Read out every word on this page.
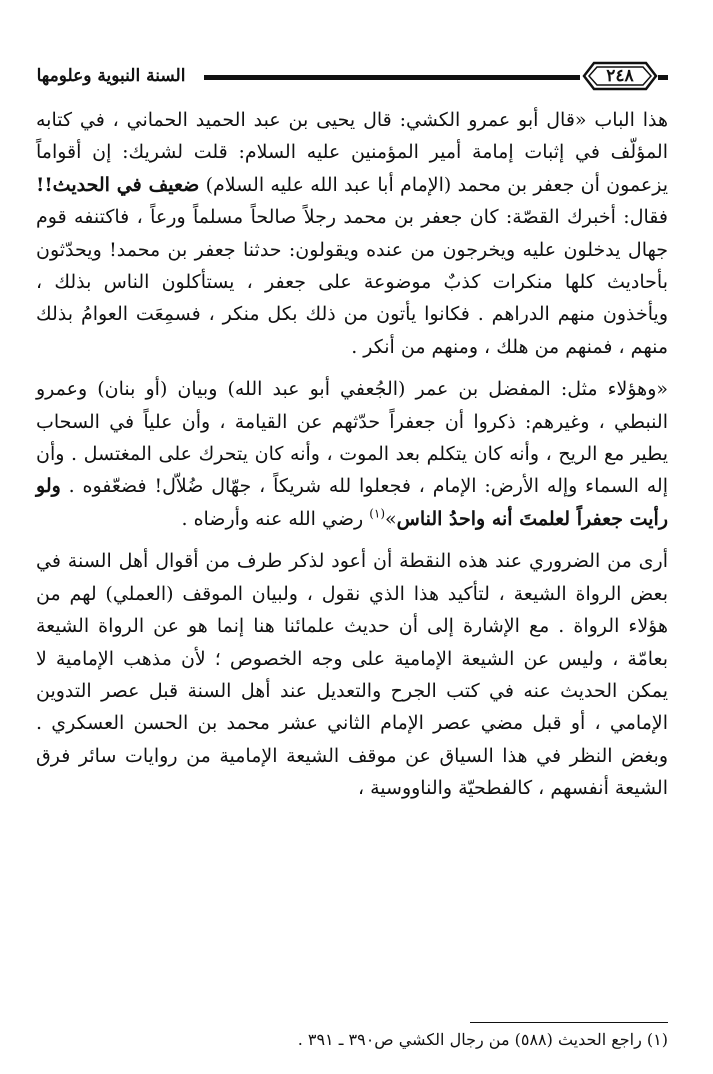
السنة النبوية وعلومها	٢٤٨

هذا الباب «قال أبو عمرو الكشي: قال يحيى بن عبد الحميد الحماني ، في كتابه المؤلّف في إثبات إمامة أمير المؤمنين عليه السلام: قلت لشريك: إن أقواماً يزعمون أن جعفر بن محمد (الإمام أبا عبد الله عليه السلام) ضعيف في الحديث!! فقال: أخبرك القصّة: كان جعفر بن محمد رجلاً صالحاً مسلماً ورعاً ، فاكتنفه قوم جهال يدخلون عليه ويخرجون من عنده ويقولون: حدثنا جعفر بن محمد! ويحدّثون بأحاديث كلها منكرات كذبٌ موضوعة على جعفر ، يستأكلون الناس بذلك ، ويأخذون منهم الدراهم . فكانوا يأتون من ذلك بكل منكر ، فسمِعَت العوامُ بذلك منهم ، فمنهم من هلك ، ومنهم من أنكر .

«وهؤلاء مثل: المفضل بن عمر (الجُعفي أبو عبد الله) وبيان (أو بنان) وعمرو النبطي ، وغيرهم: ذكروا أن جعفراً حدّثهم عن القيامة ، وأن علياً في السحاب يطير مع الريح ، وأنه كان يتكلم بعد الموت ، وأنه كان يتحرك على المغتسل . وأن إله السماء وإله الأرض: الإمام ، فجعلوا لله شريكاً ، جهّال ضُلاّل! فضعّفوه . ولو رأيت جعفراً لعلمتَ أنه واحدُ الناس»$^{(١)}$ رضي الله عنه وأرضاه .

أرى من الضروري عند هذه النقطة أن أعود لذكر طرف من أقوال أهل السنة في بعض الرواة الشيعة ، لتأكيد هذا الذي نقول ، ولبيان الموقف (العملي) لهم من هؤلاء الرواة . مع الإشارة إلى أن حديث علمائنا هنا إنما هو عن الرواة الشيعة بعامّة ، وليس عن الشيعة الإمامية على وجه الخصوص ؛ لأن مذهب الإمامية لا يمكن الحديث عنه في كتب الجرح والتعديل عند أهل السنة قبل عصر التدوين الإمامي ، أو قبل مضي عصر الإمام الثاني عشر محمد بن الحسن العسكري . وبغض النظر في هذا السياق عن موقف الشيعة الإمامية من روايات سائر فرق الشيعة أنفسهم ، كالفطحيّة والناووسية ،

(١) راجع الحديث (٥٨٨) من رجال الكشي ص٣٩٠ ـ ٣٩١ .
